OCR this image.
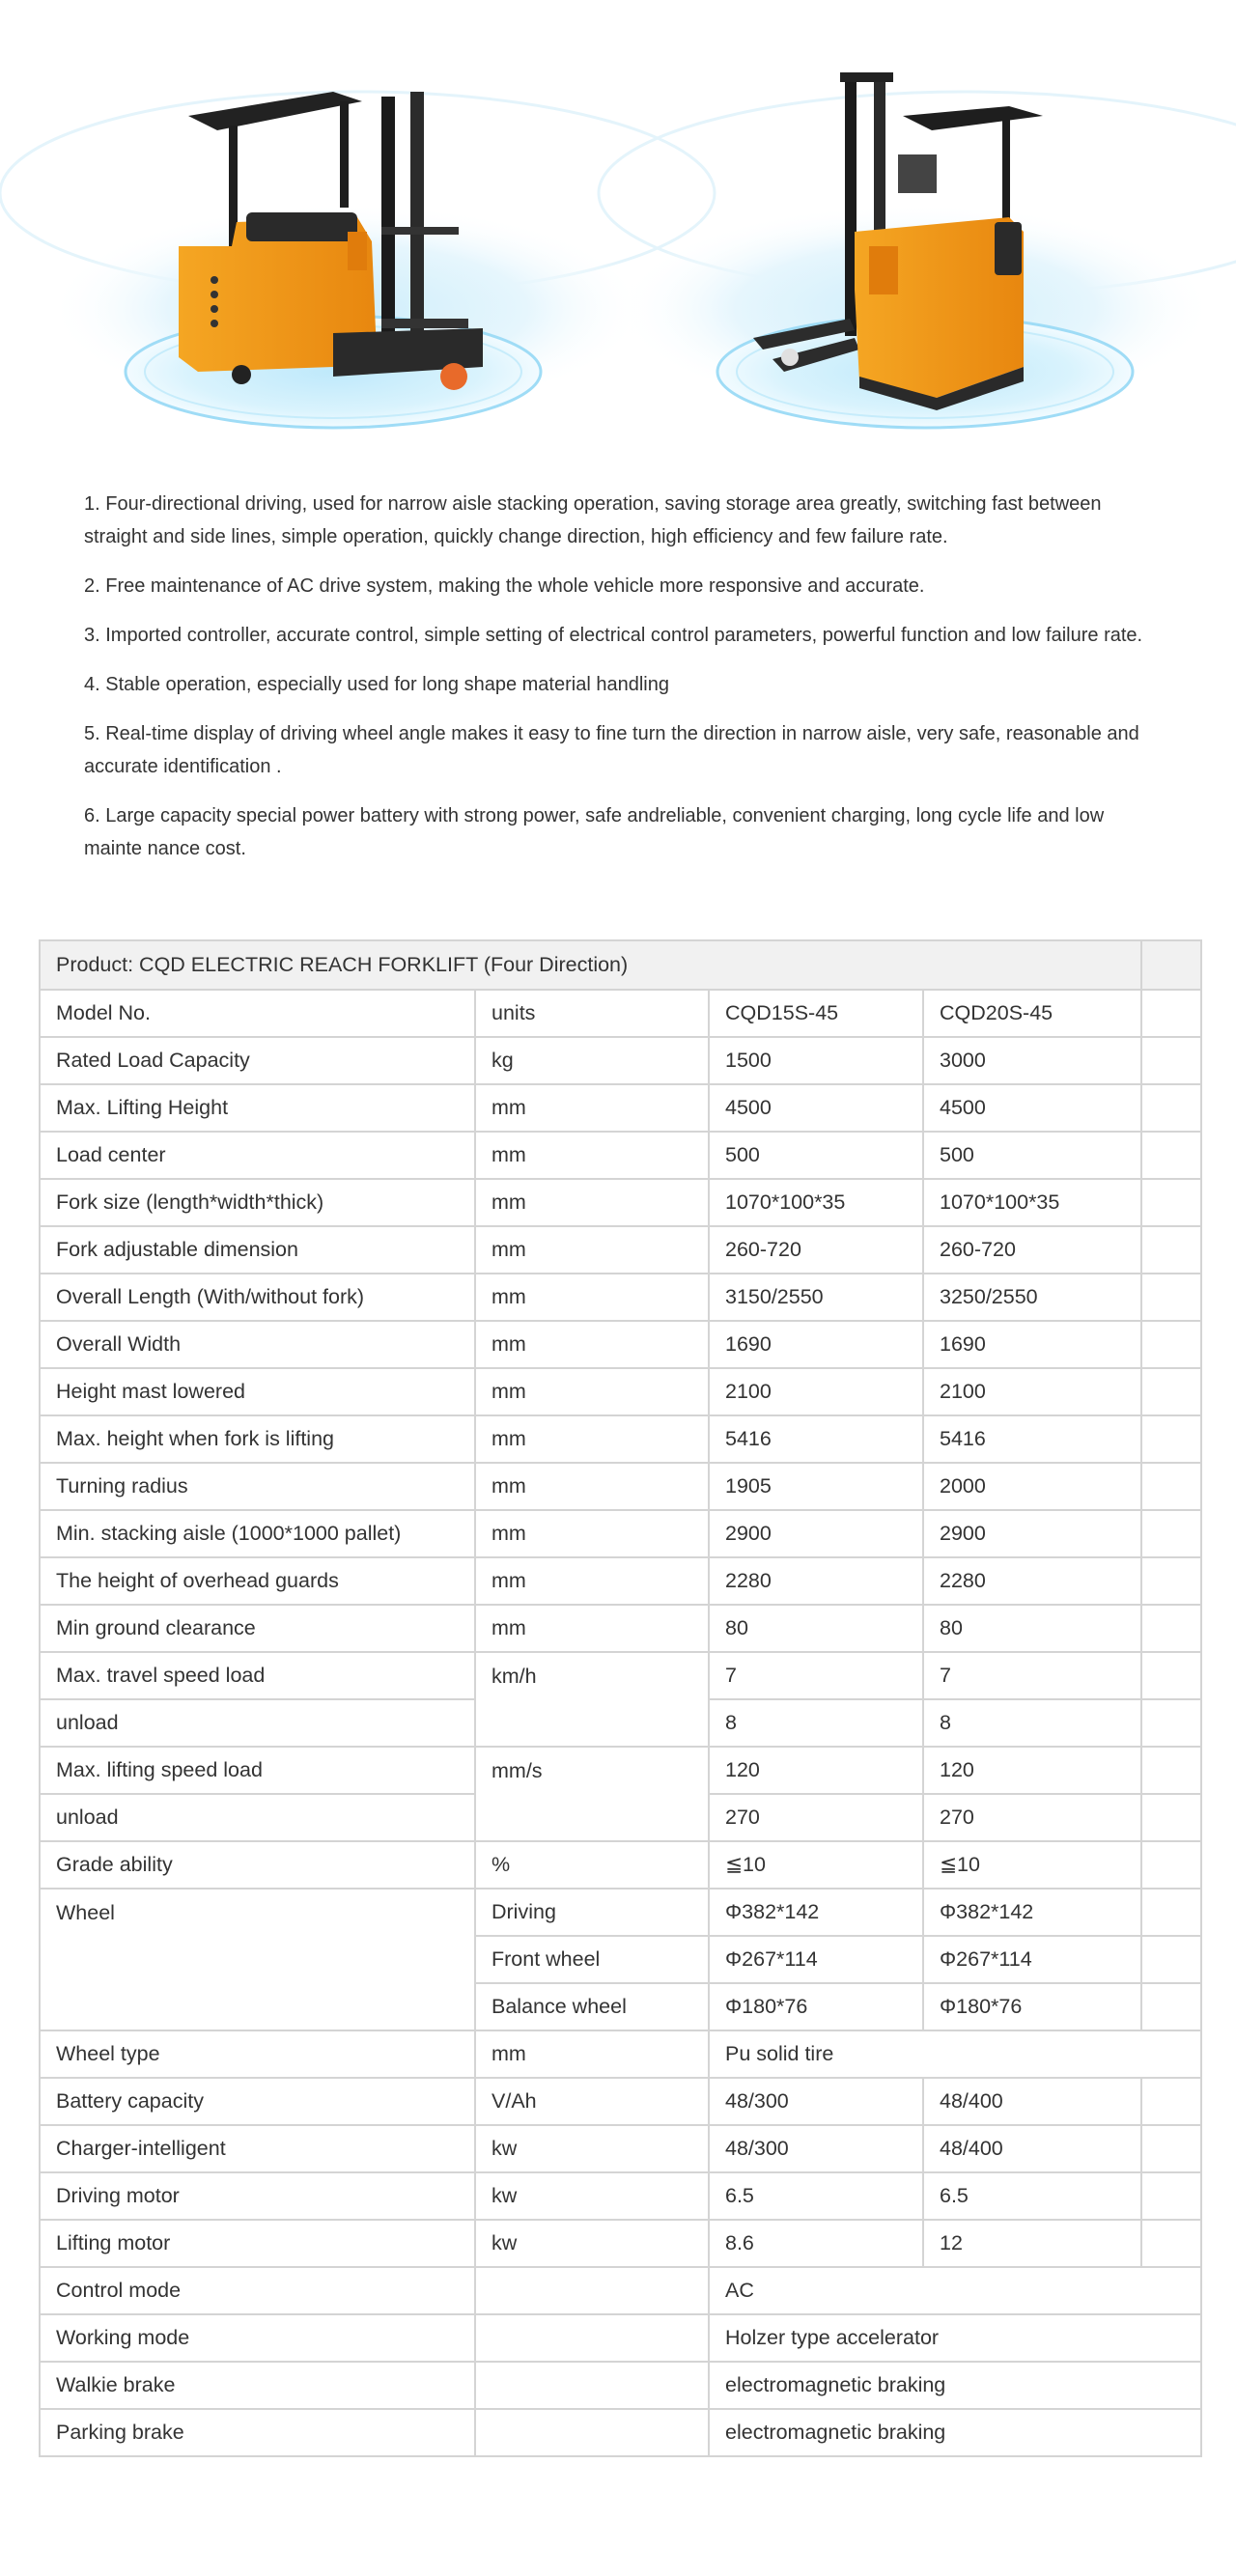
1. Four-directional driving, used for narrow aisle stacking operation, saving storage area greatly, switching fast between straight and side lines, simple operation, quickly change direction, high efficiency and few failure rate.

2. Free maintenance of AC drive system, making the whole vehicle more responsive and accurate.

3. Imported controller, accurate control, simple setting of electrical control parameters, powerful function and low failure rate.

4. Stable operation, especially used for long shape material handling

5. Real-time display of driving wheel angle makes it easy to fine turn the direction in narrow aisle, very safe, reasonable and accurate identification .

6. Large capacity special power battery with strong power, safe andreliable, convenient charging, long cycle life and low mainte nance cost.

Product: CQD ELECTRIC REACH FORKLIFT (Four Direction)				
Model No.	units	CQD15S-45	CQD20S-45	
Rated Load Capacity	kg	1500	3000	
Max. Lifting Height	mm	4500	4500	
Load center	mm	500	500	
Fork size (length*width*thick)	mm	1070*100*35	1070*100*35	
Fork adjustable dimension	mm	260-720	260-720	
Overall Length (With/without fork)	mm	3150/2550	3250/2550	
Overall Width	mm	1690	1690	
Height mast lowered	mm	2100	2100	
Max. height when fork is lifting	mm	5416	5416	
Turning radius	mm	1905	2000	
Min. stacking aisle (1000*1000 pallet)	mm	2900	2900	
The height of overhead guards	mm	2280	2280	
Min ground clearance	mm	80	80	
Max. travel speed load	km/h	7	7	
unload		8	8	
Max. lifting speed load	mm/s	120	120	
unload		270	270	
Grade ability	%	≦10	≦10	
Wheel	Driving	Φ382*142	Φ382*142	
	Front wheel	Φ267*114	Φ267*114	
	Balance wheel	Φ180*76	Φ180*76	
Wheel type	mm	Pu solid tire		
Battery capacity	V/Ah	48/300	48/400	
Charger-intelligent	kw	48/300	48/400	
Driving motor	kw	6.5	6.5	
Lifting motor	kw	8.6	12	
Control mode		AC		
Working mode		Holzer type accelerator		
Walkie brake		electromagnetic braking		
Parking brake		electromagnetic braking		
